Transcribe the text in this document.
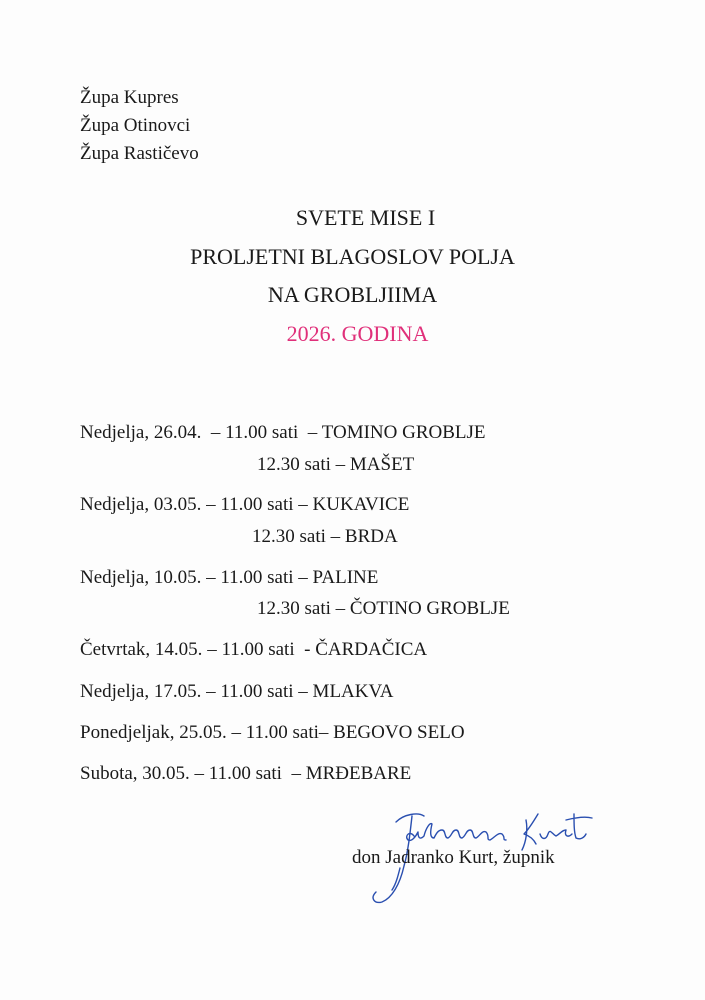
Župa Kupres
Župa Otinovci
Župa Rastičevo
SVETE MISE I
PROLJETNI BLAGOSLOV POLJA
NA GROBLJIIMA
2026. GODINA
Nedjelja, 26.04. – 11.00 sati – TOMINO GROBLJE
12.30 sati – MAŠET
Nedjelja, 03.05. – 11.00 sati – KUKAVICE
12.30 sati – BRDA
Nedjelja, 10.05. – 11.00 sati – PALINE
12.30 sati – ČOTINO GROBLJE
Četvrtak, 14.05. – 11.00 sati - ČARDAČICA
Nedjelja, 17.05. – 11.00 sati – MLAKVA
Ponedjeljak, 25.05. – 11.00 sati– BEGOVO SELO
Subota, 30.05. – 11.00 sati – MRĐEBARE
don Jadranko Kurt, župnik
